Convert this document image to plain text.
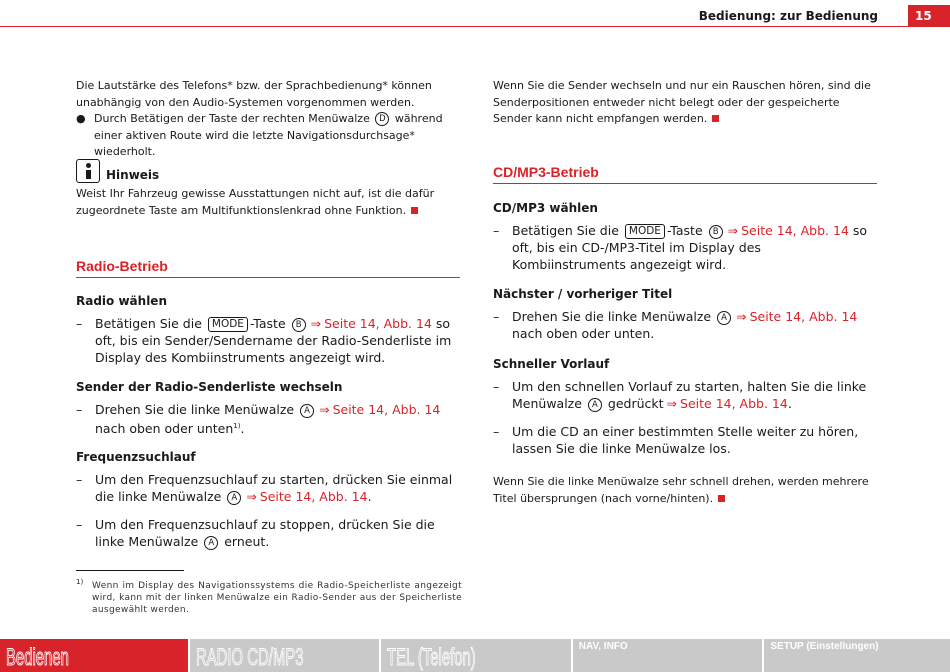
Bedienung: zur Bedienung	15
Die Lautstärke des Telefons* bzw. der Sprachbedienung* können unabhängig von den Audio-Systemen vorgenommen werden.
● Durch Betätigen der Taste der rechten Menüwalze D während einer aktiven Route wird die letzte Navigationsdurchsage* wiederholt.
Hinweis
Weist Ihr Fahrzeug gewisse Ausstattungen nicht auf, ist die dafür zugeordnete Taste am Multifunktionslenkrad ohne Funktion.
Radio-Betrieb
Radio wählen
– Betätigen Sie die MODE -Taste B ⇒ Seite 14, Abb. 14 so oft, bis ein Sender/Sendername der Radio-Senderliste im Display des Kombiinstruments angezeigt wird.
Sender der Radio-Senderliste wechseln
– Drehen Sie die linke Menüwalze A ⇒ Seite 14, Abb. 14 nach oben oder unten$^{1)}$.
Frequenzsuchlauf
– Um den Frequenzsuchlauf zu starten, drücken Sie einmal die linke Menüwalze A ⇒ Seite 14, Abb. 14.
– Um den Frequenzsuchlauf zu stoppen, drücken Sie die linke Menüwalze A erneut.
1) Wenn im Display des Navigationssystems die Radio-Speicherliste angezeigt wird, kann mit der linken Menüwalze ein Radio-Sender aus der Speicherliste ausgewählt werden.
Wenn Sie die Sender wechseln und nur ein Rauschen hören, sind die Senderpositionen entweder nicht belegt oder der gespeicherte Sender kann nicht empfangen werden.
CD/MP3-Betrieb
CD/MP3 wählen
– Betätigen Sie die MODE -Taste B ⇒ Seite 14, Abb. 14 so oft, bis ein CD-/MP3-Titel im Display des Kombiinstruments angezeigt wird.
Nächster / vorheriger Titel
– Drehen Sie die linke Menüwalze A ⇒ Seite 14, Abb. 14 nach oben oder unten.
Schneller Vorlauf
– Um den schnellen Vorlauf zu starten, halten Sie die linke Menüwalze A gedrückt ⇒ Seite 14, Abb. 14.
– Um die CD an einer bestimmten Stelle weiter zu hören, lassen Sie die linke Menüwalze los.
Wenn Sie die linke Menüwalze sehr schnell drehen, werden mehrere Titel übersprungen (nach vorne/hinten).
Bedienen	RADIO CD/MP3	TEL (Telefon)	NAV, INFO	SETUP (Einstellungen)
